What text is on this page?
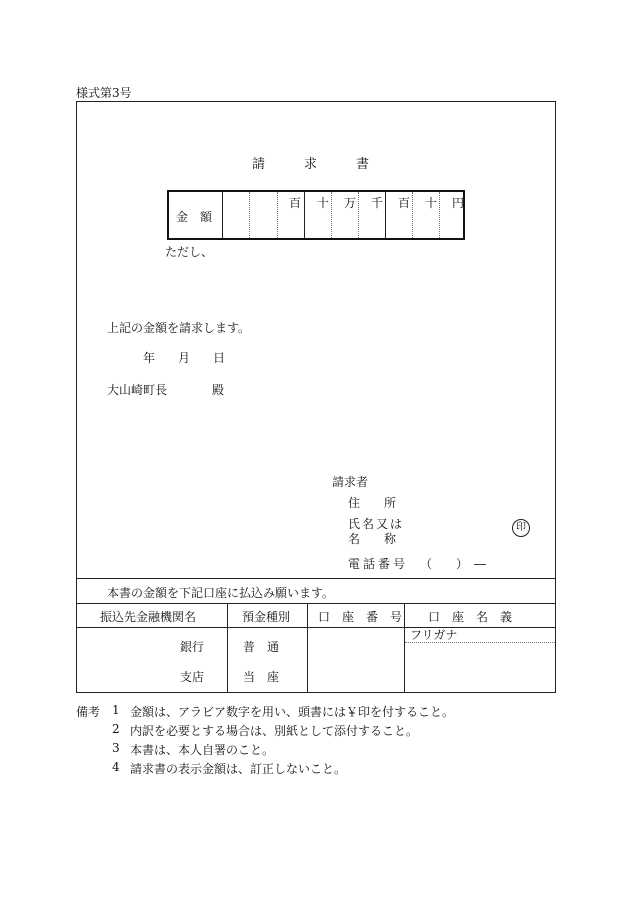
様式第3号
請　　　求　　　書
金　額
百 十 万 千 百 十 円
ただし、
上記の金額を請求します。
年 月 日
大山崎町長	殿
請求者
住　　所
氏名又は
名　　称
印
電話番号 （　　）　―
本書の金額を下記口座に払込み願います。
振込先金融機関名	預金種別 口　座　番　号 口　座　名　義
銀行
支店
普　通
当　座
フリガナ
備考 1 金額は、アラビア数字を用い、頭書には￥印を付すること。
2 内訳を必要とする場合は、別紙として添付すること。
3 本書は、本人自署のこと。
4 請求書の表示金額は、訂正しないこと。
